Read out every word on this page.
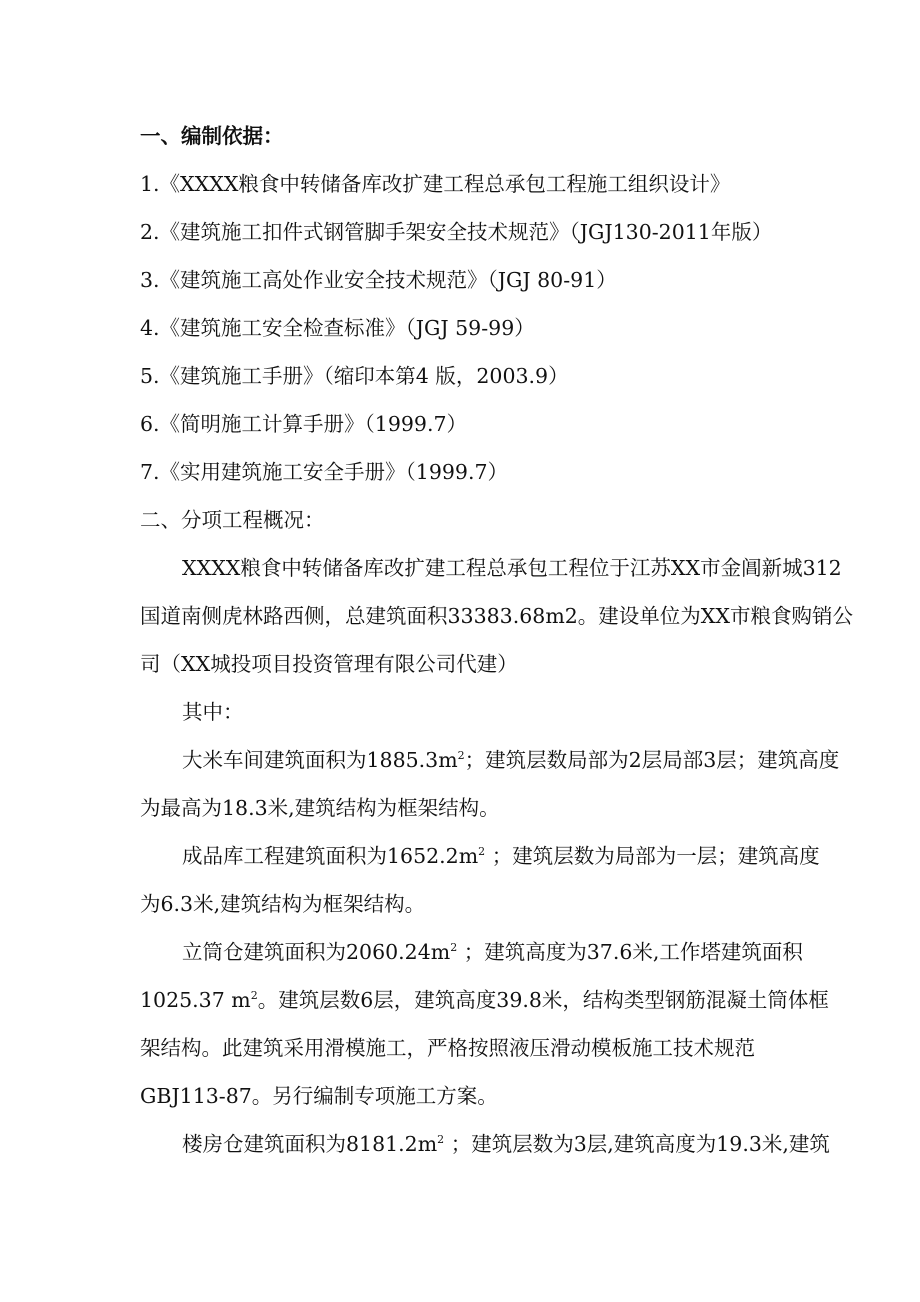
一、编制依据：
1.《XXXX粮食中转储备库改扩建工程总承包工程施工组织设计》
2.《建筑施工扣件式钢管脚手架安全技术规范》（JGJ130-2011年版）
3.《建筑施工高处作业安全技术规范》（JGJ 80-91）
4.《建筑施工安全检查标准》（JGJ 59-99）
5.《建筑施工手册》（缩印本第4 版，2003.9）
6.《简明施工计算手册》（1999.7）
7.《实用建筑施工安全手册》（1999.7）
二、分项工程概况：
XXXX粮食中转储备库改扩建工程总承包工程位于江苏XX市金阊新城312
国道南侧虎林路西侧，总建筑面积33383.68m2。建设单位为XX市粮食购销公
司（XX城投项目投资管理有限公司代建）
其中：
大米车间建筑面积为$1885.3m^2$；建筑层数局部为2层局部3层；建筑高度
为最高为18.3米,建筑结构为框架结构。
成品库工程建筑面积为$1652.2m^2$ ；建筑层数为局部为一层；建筑高度
为6.3米,建筑结构为框架结构。
立筒仓建筑面积为$2060.24m^2$ ；建筑高度为37.6米,工作塔建筑面积
1025.37 $m^2$。建筑层数6层，建筑高度39.8米，结构类型钢筋混凝土筒体框
架结构。此建筑采用滑模施工，严格按照液压滑动模板施工技术规范
GBJ113-87。另行编制专项施工方案。
楼房仓建筑面积为$8181.2m^2$ ；建筑层数为3层,建筑高度为19.3米,建筑
